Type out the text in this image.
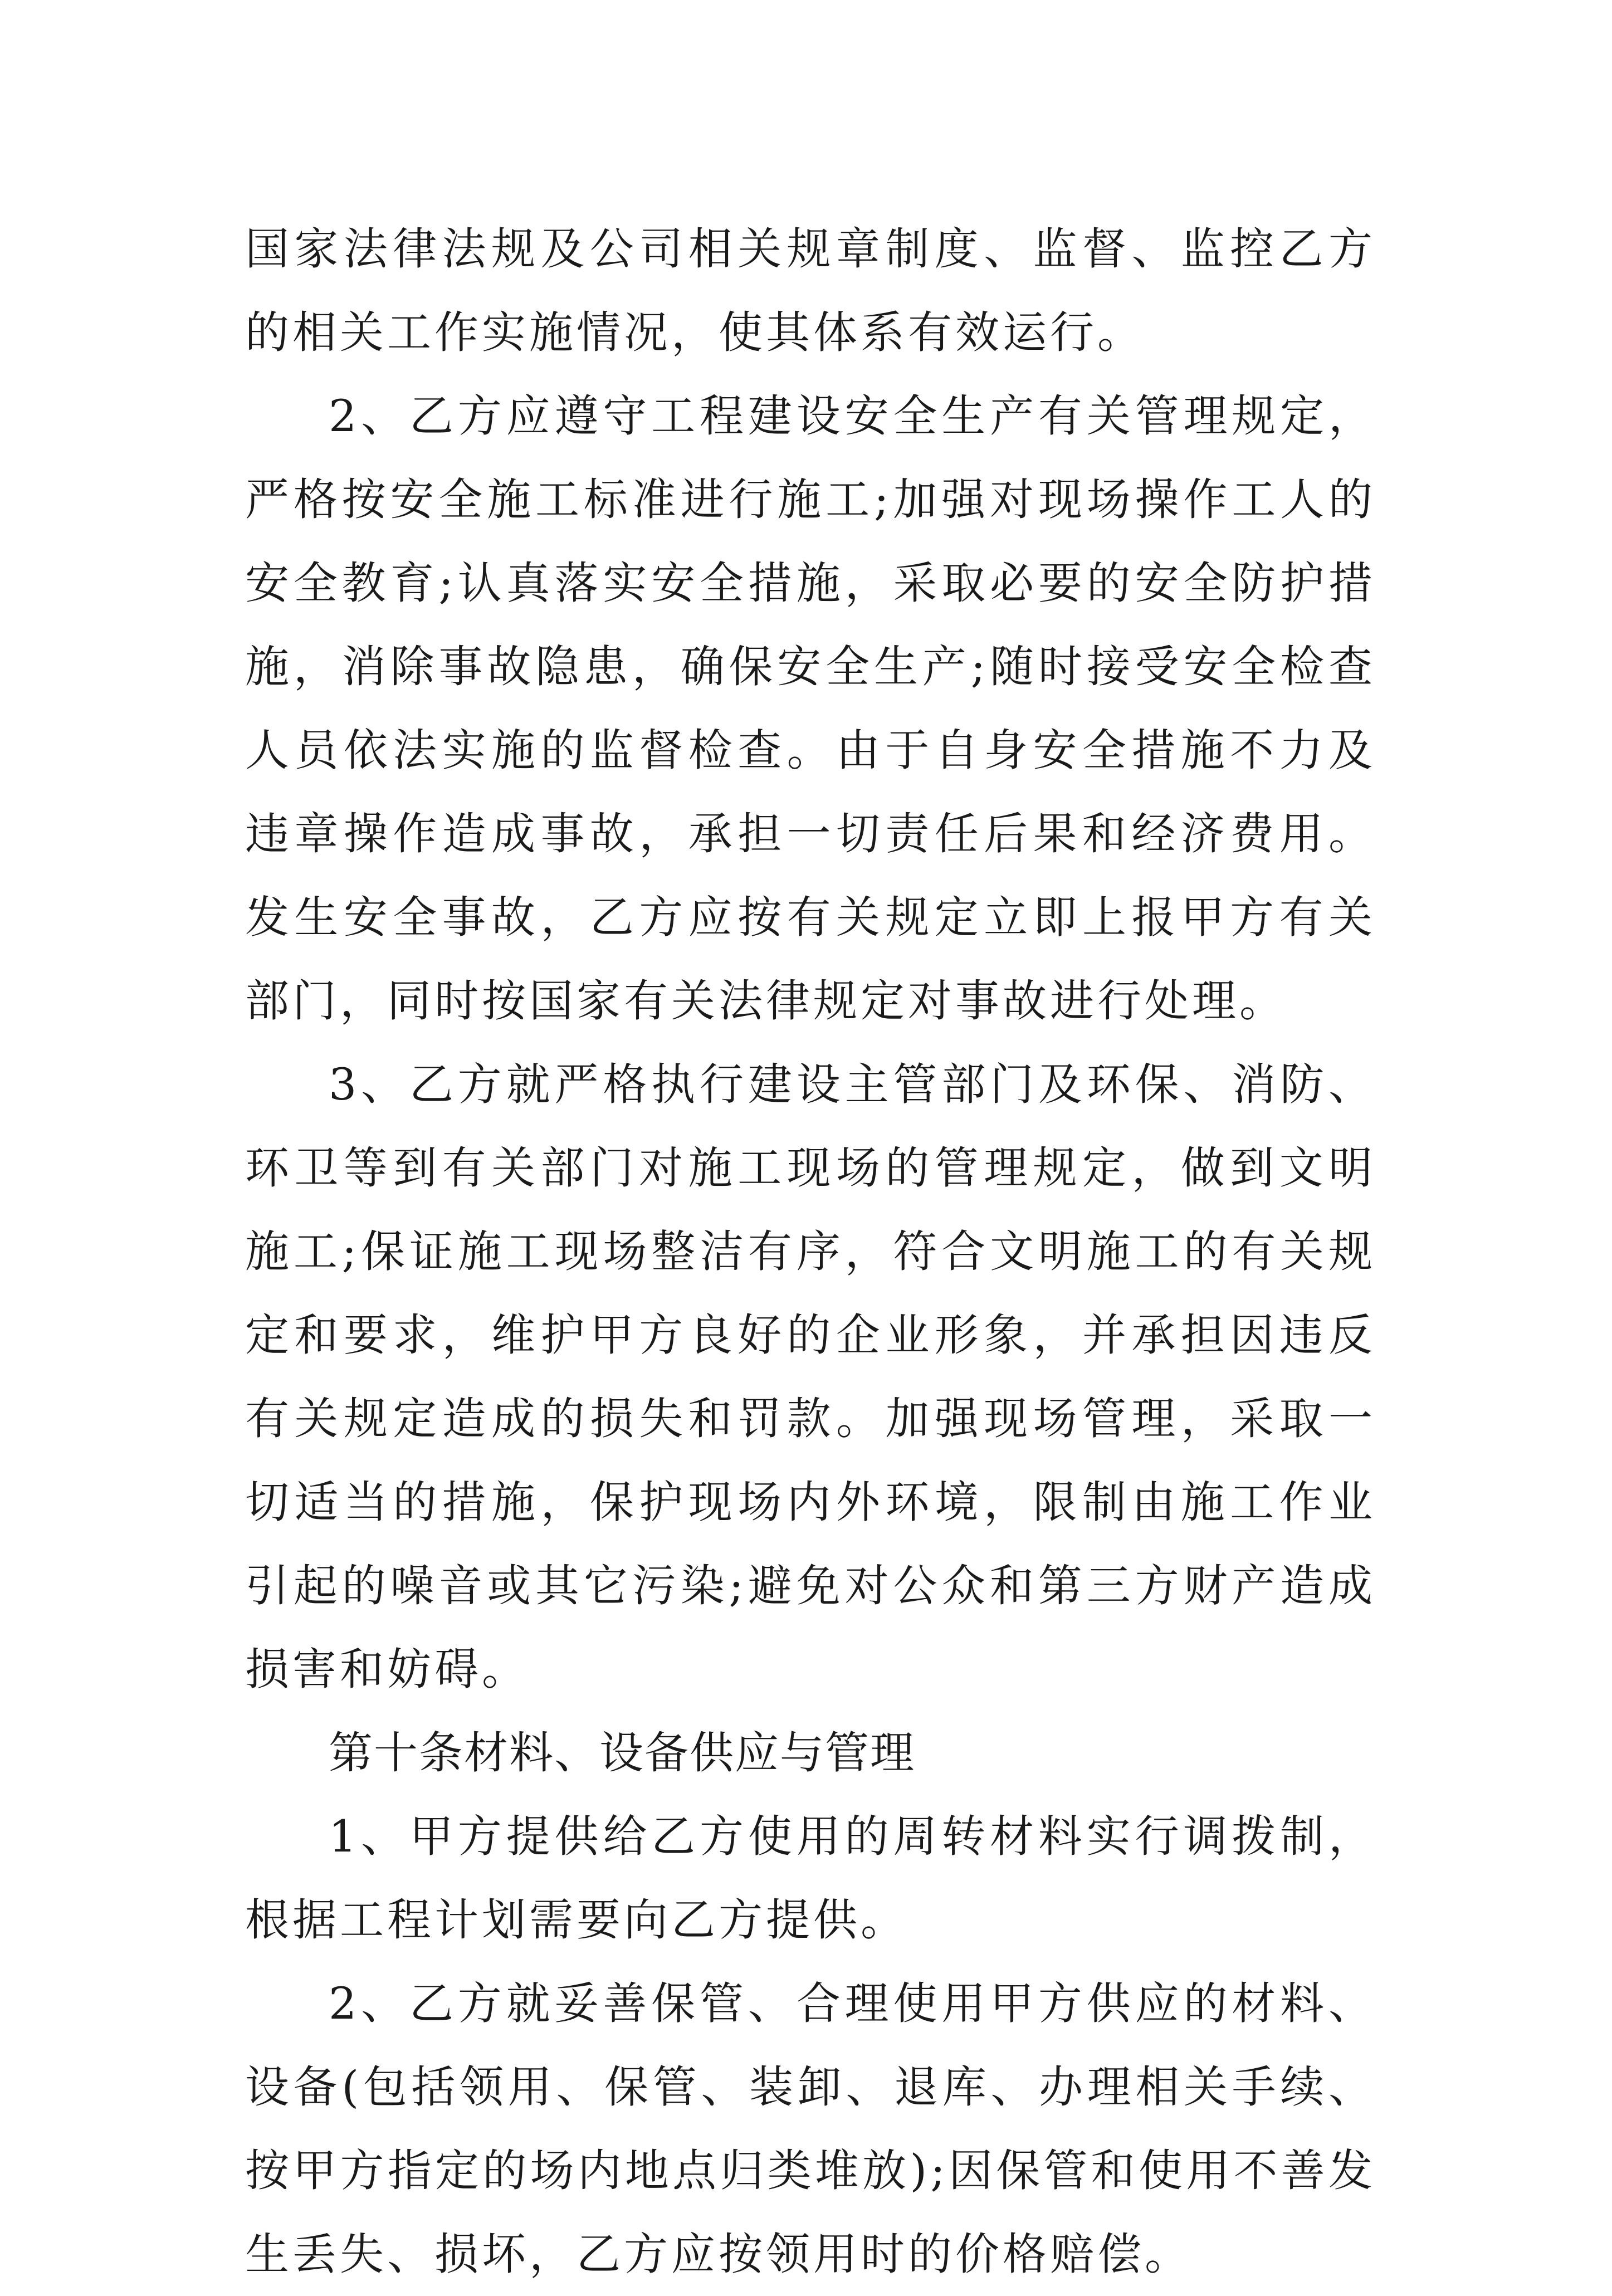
国家法律法规及公司相关规章制度、监督、监控乙方的相关工作实施情况，使其体系有效运行。

2、乙方应遵守工程建设安全生产有关管理规定，严格按安全施工标准进行施工;加强对现场操作工人的安全教育;认真落实安全措施，采取必要的安全防护措施，消除事故隐患，确保安全生产;随时接受安全检查人员依法实施的监督检查。由于自身安全措施不力及违章操作造成事故，承担一切责任后果和经济费用。发生安全事故，乙方应按有关规定立即上报甲方有关部门，同时按国家有关法律规定对事故进行处理。

3、乙方就严格执行建设主管部门及环保、消防、环卫等到有关部门对施工现场的管理规定，做到文明施工;保证施工现场整洁有序，符合文明施工的有关规定和要求，维护甲方良好的企业形象，并承担因违反有关规定造成的损失和罚款。加强现场管理，采取一切适当的措施，保护现场内外环境，限制由施工作业引起的噪音或其它污染;避免对公众和第三方财产造成损害和妨碍。

第十条材料、设备供应与管理

1、甲方提供给乙方使用的周转材料实行调拨制，根据工程计划需要向乙方提供。

2、乙方就妥善保管、合理使用甲方供应的材料、设备(包括领用、保管、装卸、退库、办理相关手续、按甲方指定的场内地点归类堆放);因保管和使用不善发生丢失、损坏，乙方应按领用时的价格赔偿。
